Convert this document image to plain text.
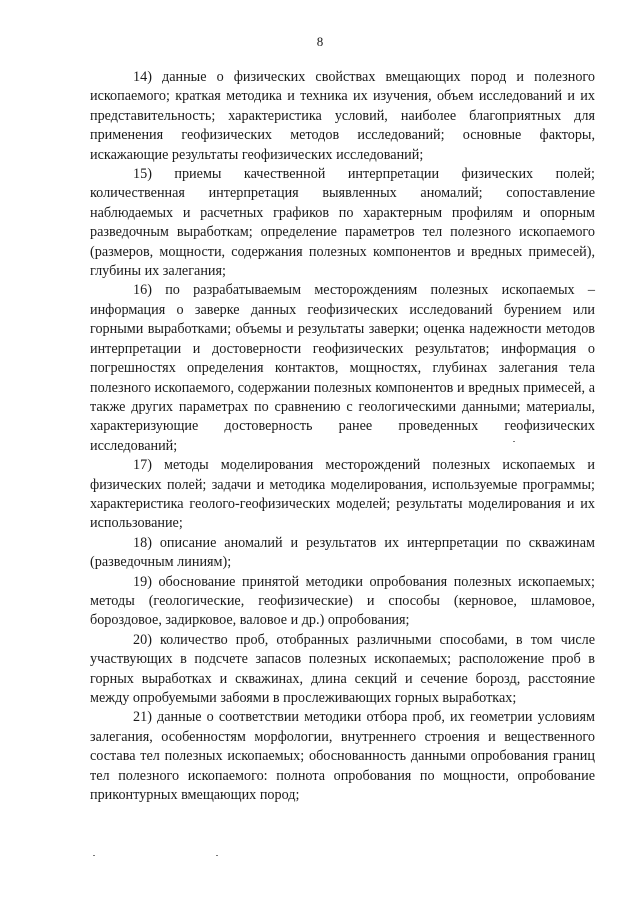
8

14) данные о физических свойствах вмещающих пород и полезного ископаемого; краткая методика и техника их изучения, объем исследований и их представительность; характеристика условий, наиболее благоприятных для применения геофизических методов исследований; основные факторы, искажающие результаты геофизических исследований;

15) приемы качественной интерпретации физических полей; количественная интерпретация выявленных аномалий; сопоставление наблюдаемых и расчетных графиков по характерным профилям и опорным разведочным выработкам; определение параметров тел полезного ископаемого (размеров, мощности, содержания полезных компонентов и вредных примесей), глубины их залегания;

16) по разрабатываемым месторождениям полезных ископаемых – информация о заверке данных геофизических исследований бурением или горными выработками; объемы и результаты заверки; оценка надежности методов интерпретации и достоверности геофизических результатов; информация о погрешностях определения контактов, мощностях, глубинах залегания тела полезного ископаемого, содержании полезных компонентов и вредных примесей, а также других параметрах по сравнению с геологическими данными; материалы, характеризующие достоверность ранее проведенных геофизических исследований;

17) методы моделирования месторождений полезных ископаемых и физических полей; задачи и методика моделирования, используемые программы; характеристика геолого-геофизических моделей; результаты моделирования и их использование;

18) описание аномалий и результатов их интерпретации по скважинам (разведочным линиям);

19) обоснование принятой методики опробования полезных ископаемых; методы (геологические, геофизические) и способы (керновое, шламовое, бороздовое, задирковое, валовое и др.) опробования;

20) количество проб, отобранных различными способами, в том числе участвующих в подсчете запасов полезных ископаемых; расположение проб в горных выработках и скважинах, длина секций и сечение борозд, расстояние между опробуемыми забоями в прослеживающих горных выработках;

21) данные о соответствии методики отбора проб, их геометрии условиям залегания, особенностям морфологии, внутреннего строения и вещественного состава тел полезных ископаемых; обоснованность данными опробования границ тел полезного ископаемого: полнота опробования по мощности, опробование приконтурных вмещающих пород;
